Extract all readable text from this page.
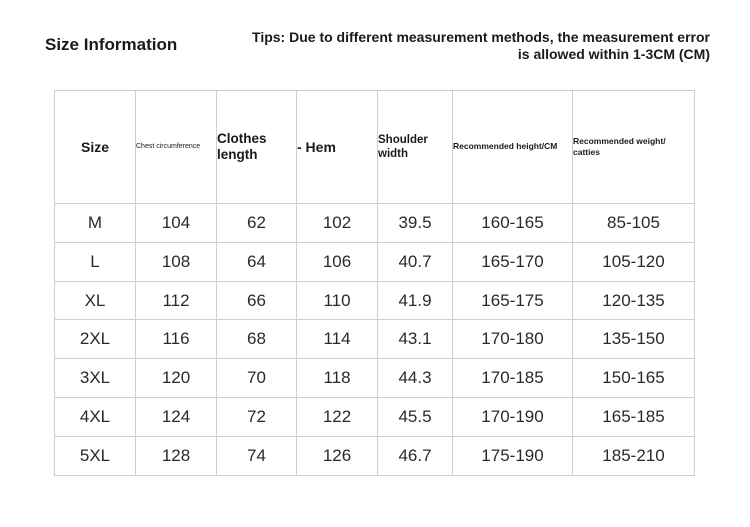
Size Information	Tips: Due to different measurement methods, the measurement error is allowed within 1-3CM (CM)
Size	Chest circumference	Clothes length	- Hem	Shoulder width	Recommended height/CM	Recommended weight/ catties
M	104	62	102	39.5	160-165	85-105
L	108	64	106	40.7	165-170	105-120
XL	112	66	110	41.9	165-175	120-135
2XL	116	68	114	43.1	170-180	135-150
3XL	120	70	118	44.3	170-185	150-165
4XL	124	72	122	45.5	170-190	165-185
5XL	128	74	126	46.7	175-190	185-210
